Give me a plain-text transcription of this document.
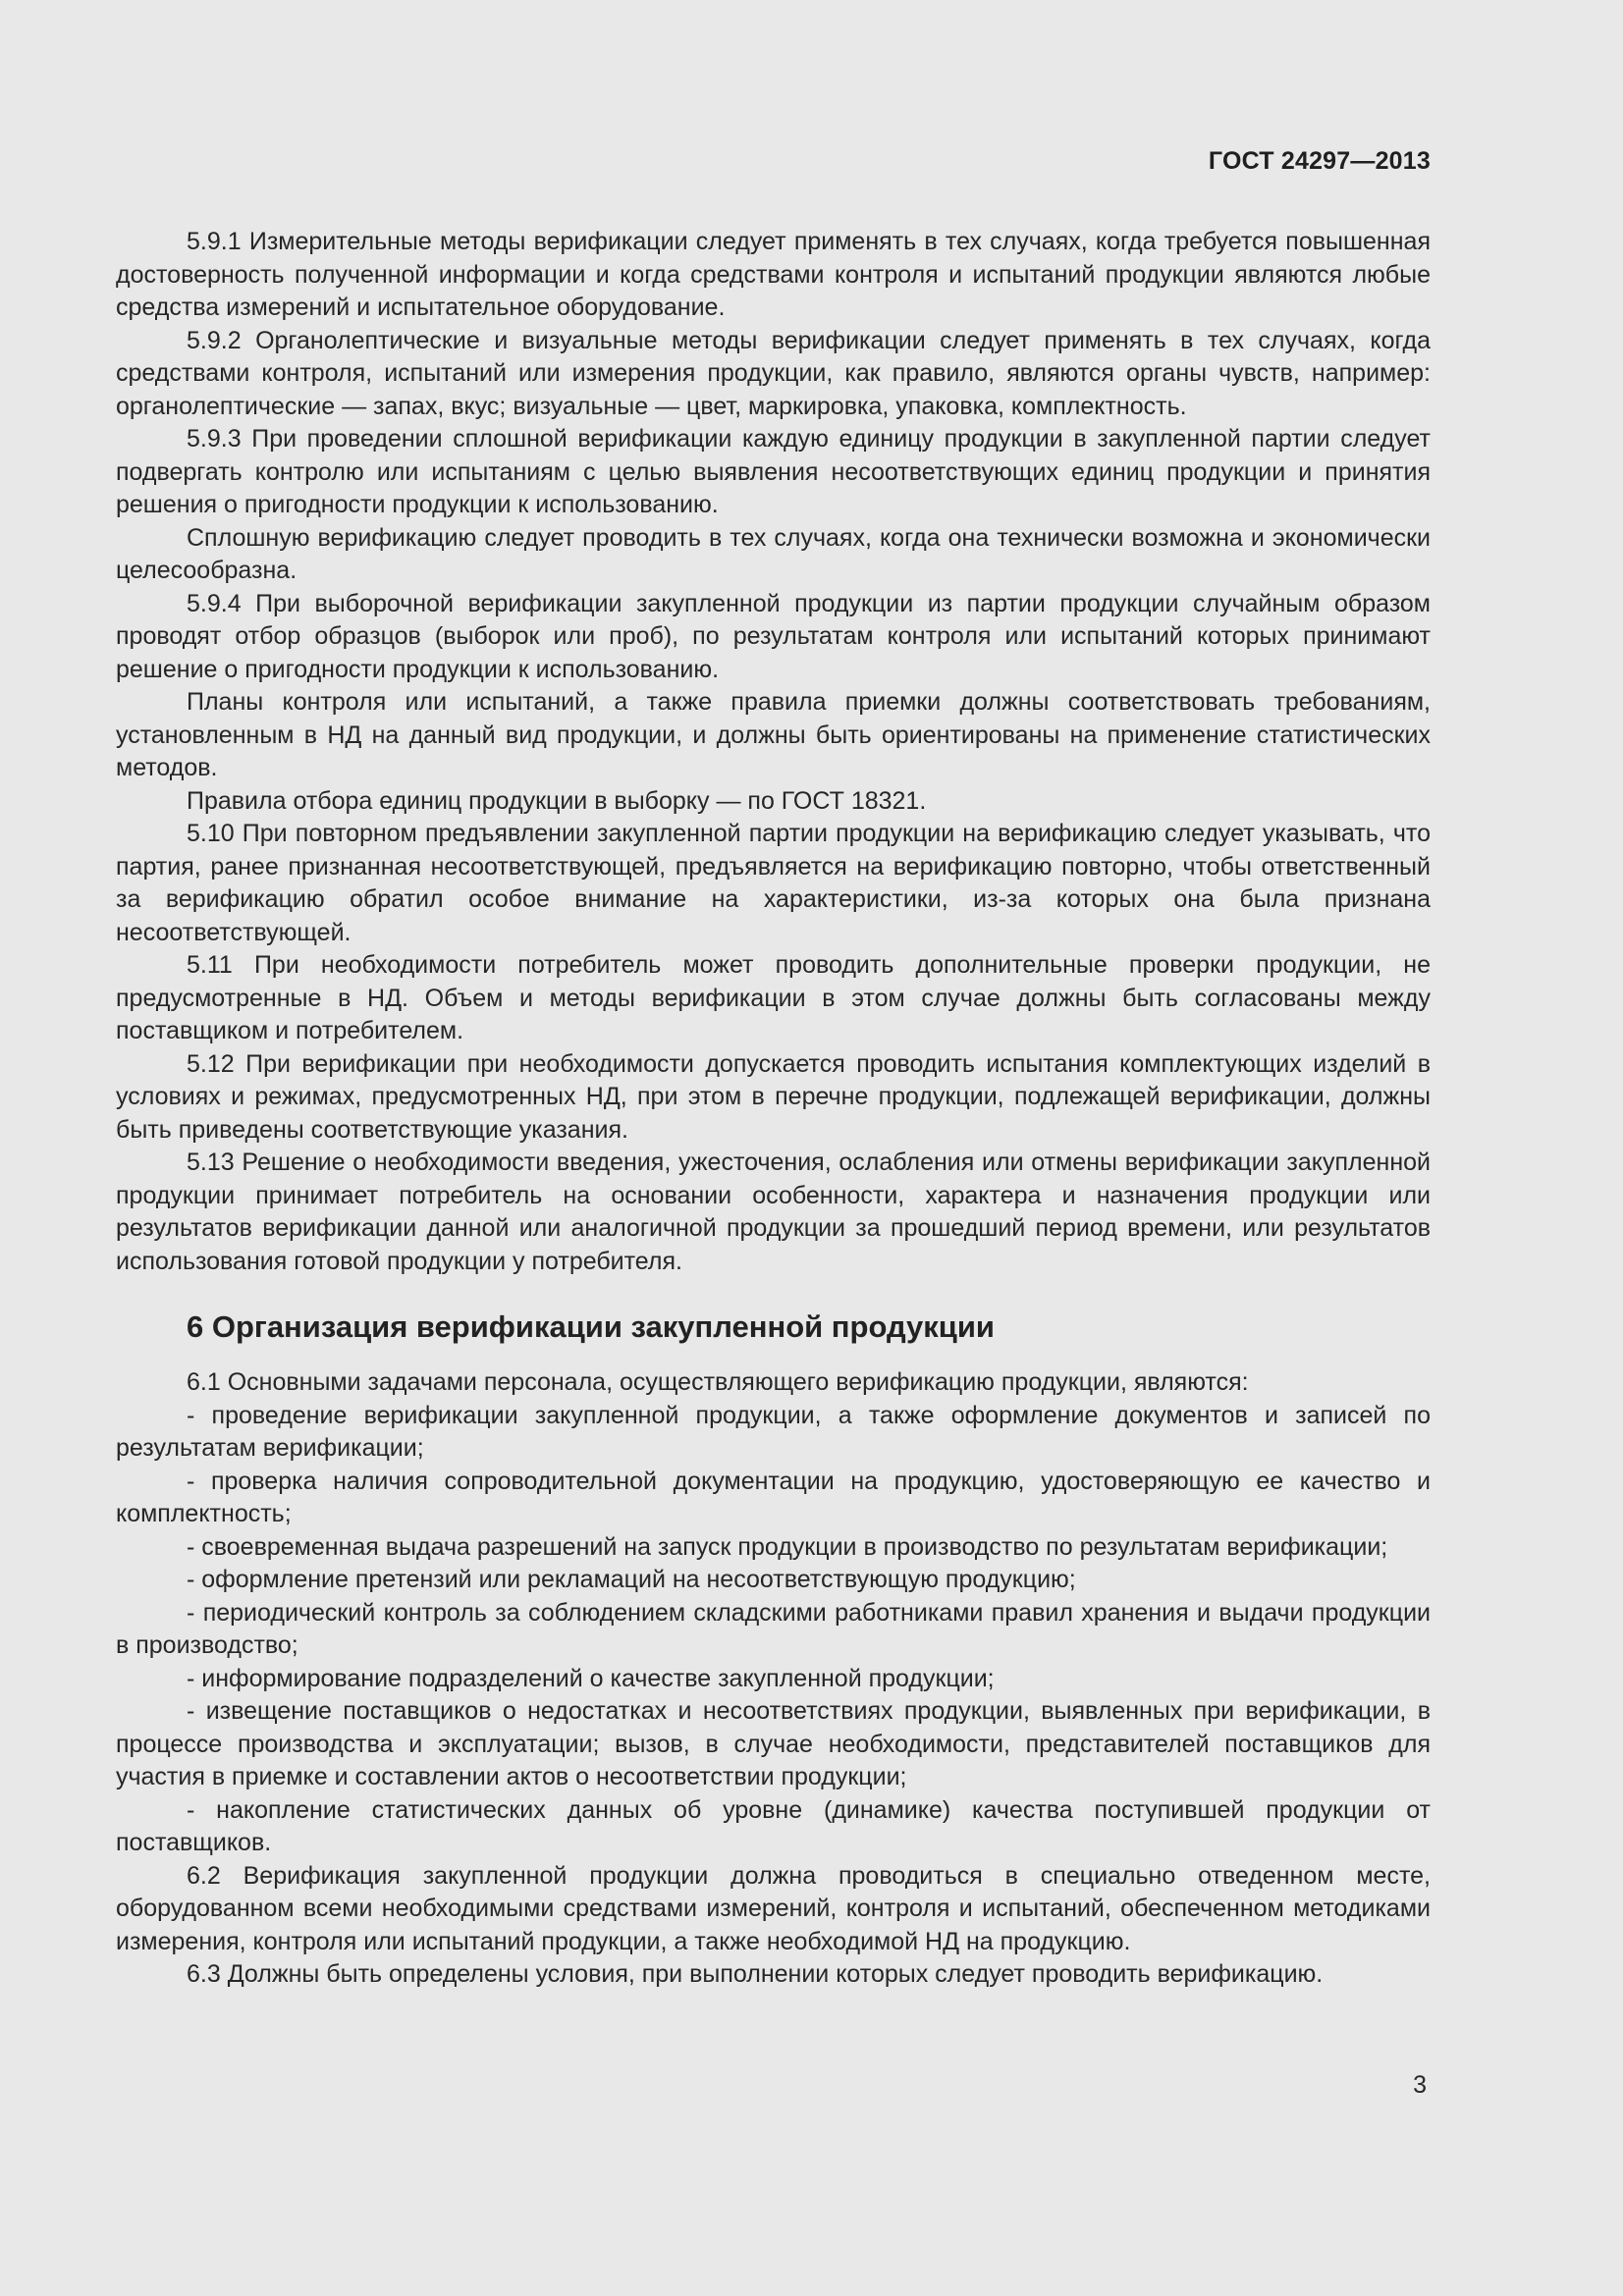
ГОСТ 24297—2013

5.9.1 Измерительные методы верификации следует применять в тех случаях, когда требуется повышенная достоверность полученной информации и когда средствами контроля и испытаний продукции являются любые средства измерений и испытательное оборудование.

5.9.2 Органолептические и визуальные методы верификации следует применять в тех случаях, когда средствами контроля, испытаний или измерения продукции, как правило, являются органы чувств, например: органолептические — запах, вкус; визуальные — цвет, маркировка, упаковка, комплектность.

5.9.3 При проведении сплошной верификации каждую единицу продукции в закупленной партии следует подвергать контролю или испытаниям с целью выявления несоответствующих единиц продукции и принятия решения о пригодности продукции к использованию.

Сплошную верификацию следует проводить в тех случаях, когда она технически возможна и экономически целесообразна.

5.9.4 При выборочной верификации закупленной продукции из партии продукции случайным образом проводят отбор образцов (выборок или проб), по результатам контроля или испытаний которых принимают решение о пригодности продукции к использованию.

Планы контроля или испытаний, а также правила приемки должны соответствовать требованиям, установленным в НД на данный вид продукции, и должны быть ориентированы на применение статистических методов.

Правила отбора единиц продукции в выборку — по ГОСТ 18321.

5.10 При повторном предъявлении закупленной партии продукции на верификацию следует указывать, что партия, ранее признанная несоответствующей, предъявляется на верификацию повторно, чтобы ответственный за верификацию обратил особое внимание на характеристики, из-за которых она была признана несоответствующей.

5.11 При необходимости потребитель может проводить дополнительные проверки продукции, не предусмотренные в НД. Объем и методы верификации в этом случае должны быть согласованы между поставщиком и потребителем.

5.12 При верификации при необходимости допускается проводить испытания комплектующих изделий в условиях и режимах, предусмотренных НД, при этом в перечне продукции, подлежащей верификации, должны быть приведены соответствующие указания.

5.13 Решение о необходимости введения, ужесточения, ослабления или отмены верификации закупленной продукции принимает потребитель на основании особенности, характера и назначения продукции или результатов верификации данной или аналогичной продукции за прошедший период времени, или результатов использования готовой продукции у потребителя.

6 Организация верификации закупленной продукции

6.1 Основными задачами персонала, осуществляющего верификацию продукции, являются:

- проведение верификации закупленной продукции, а также оформление документов и записей по результатам верификации;

- проверка наличия сопроводительной документации на продукцию, удостоверяющую ее качество и комплектность;

- своевременная выдача разрешений на запуск продукции в производство по результатам верификации;

- оформление претензий или рекламаций на несоответствующую продукцию;

- периодический контроль за соблюдением складскими работниками правил хранения и выдачи продукции в производство;

- информирование подразделений о качестве закупленной продукции;

- извещение поставщиков о недостатках и несоответствиях продукции, выявленных при верификации, в процессе производства и эксплуатации; вызов, в случае необходимости, представителей поставщиков для участия в приемке и составлении актов о несоответствии продукции;

- накопление статистических данных об уровне (динамике) качества поступившей продукции от поставщиков.

6.2 Верификация закупленной продукции должна проводиться в специально отведенном месте, оборудованном всеми необходимыми средствами измерений, контроля и испытаний, обеспеченном методиками измерения, контроля или испытаний продукции, а также необходимой НД на продукцию.

6.3 Должны быть определены условия, при выполнении которых следует проводить верификацию.

3
